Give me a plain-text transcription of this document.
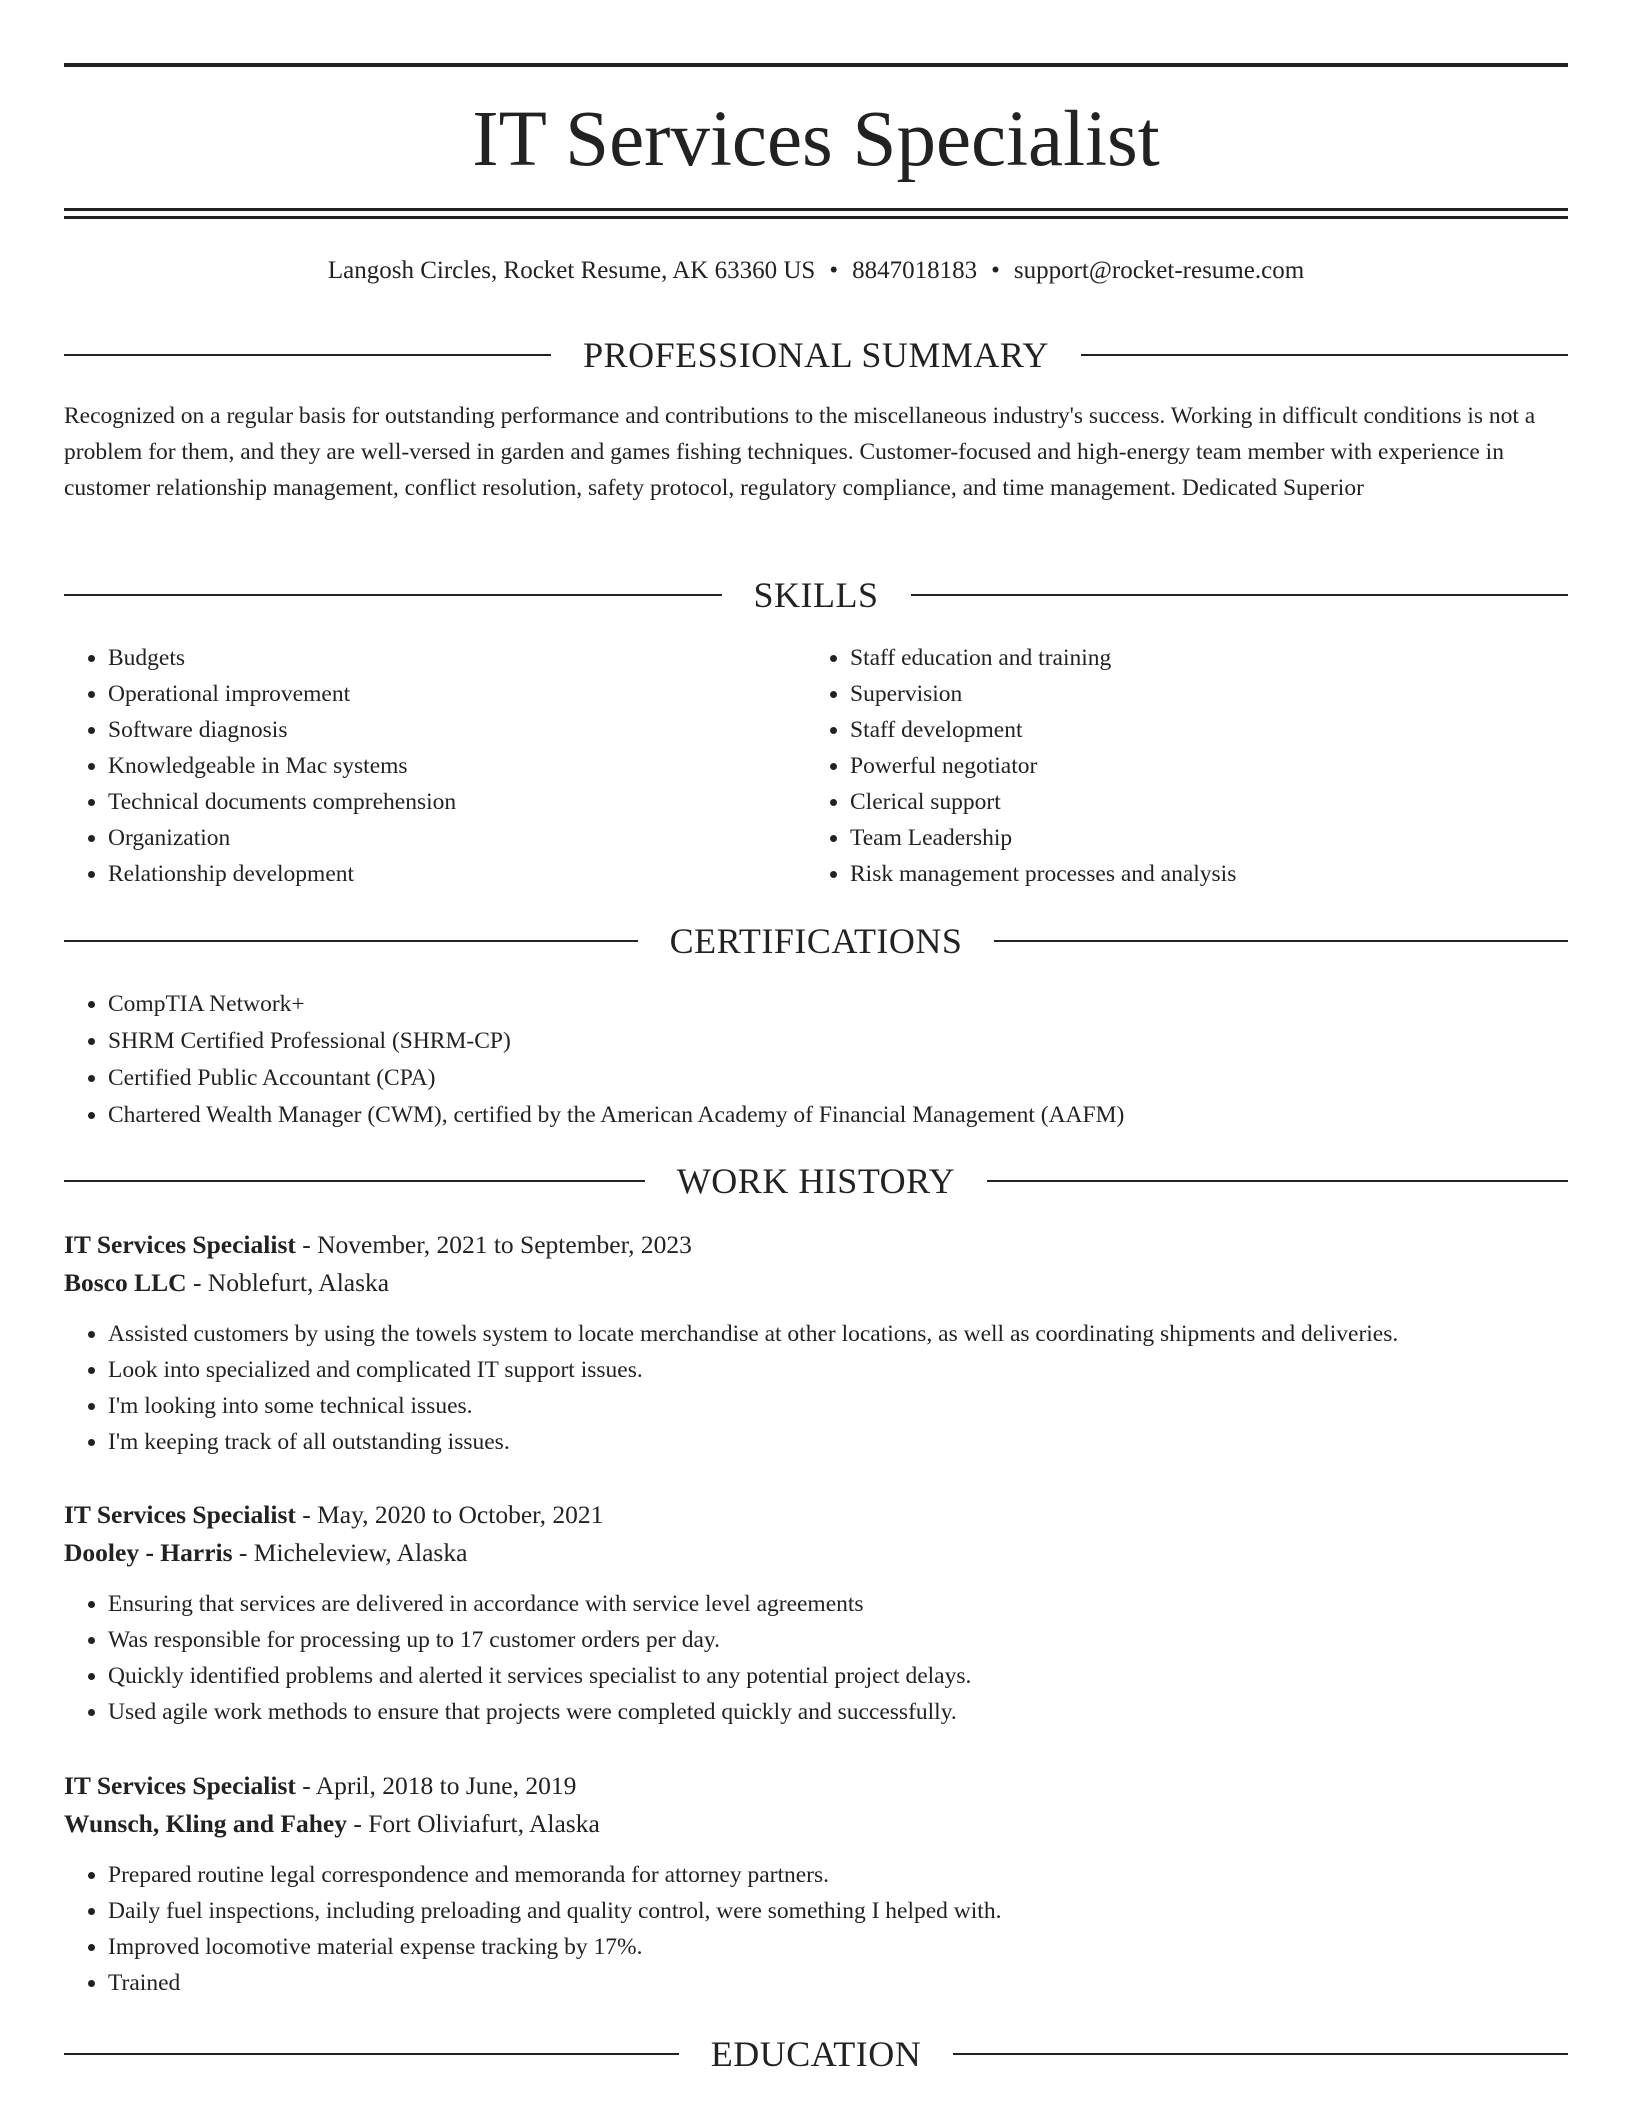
IT Services Specialist
Langosh Circles, Rocket Resume, AK 63360 US • 8847018183 • support@rocket-resume.com
PROFESSIONAL SUMMARY

Recognized on a regular basis for outstanding performance and contributions to the miscellaneous industry's success. Working in difficult conditions is not a problem for them, and they are well-versed in garden and games fishing techniques. Customer-focused and high-energy team member with experience in customer relationship management, conflict resolution, safety protocol, regulatory compliance, and time management. Dedicated Superior

SKILLS
• Budgets
• Operational improvement
• Software diagnosis
• Knowledgeable in Mac systems
• Technical documents comprehension
• Organization
• Relationship development
• Staff education and training
• Supervision
• Staff development
• Powerful negotiator
• Clerical support
• Team Leadership
• Risk management processes and analysis
CERTIFICATIONS
• CompTIA Network+
• SHRM Certified Professional (SHRM-CP)
• Certified Public Accountant (CPA)
• Chartered Wealth Manager (CWM), certified by the American Academy of Financial Management (AAFM)
WORK HISTORY
IT Services Specialist - November, 2021 to September, 2023
Bosco LLC - Noblefurt, Alaska
• Assisted customers by using the towels system to locate merchandise at other locations, as well as coordinating shipments and deliveries.
• Look into specialized and complicated IT support issues.
• I'm looking into some technical issues.
• I'm keeping track of all outstanding issues.
IT Services Specialist - May, 2020 to October, 2021
Dooley - Harris - Micheleview, Alaska
• Ensuring that services are delivered in accordance with service level agreements
• Was responsible for processing up to 17 customer orders per day.
• Quickly identified problems and alerted it services specialist to any potential project delays.
• Used agile work methods to ensure that projects were completed quickly and successfully.
IT Services Specialist - April, 2018 to June, 2019
Wunsch, Kling and Fahey - Fort Oliviafurt, Alaska
• Prepared routine legal correspondence and memoranda for attorney partners.
• Daily fuel inspections, including preloading and quality control, were something I helped with.
• Improved locomotive material expense tracking by 17%.
• Trained
EDUCATION
